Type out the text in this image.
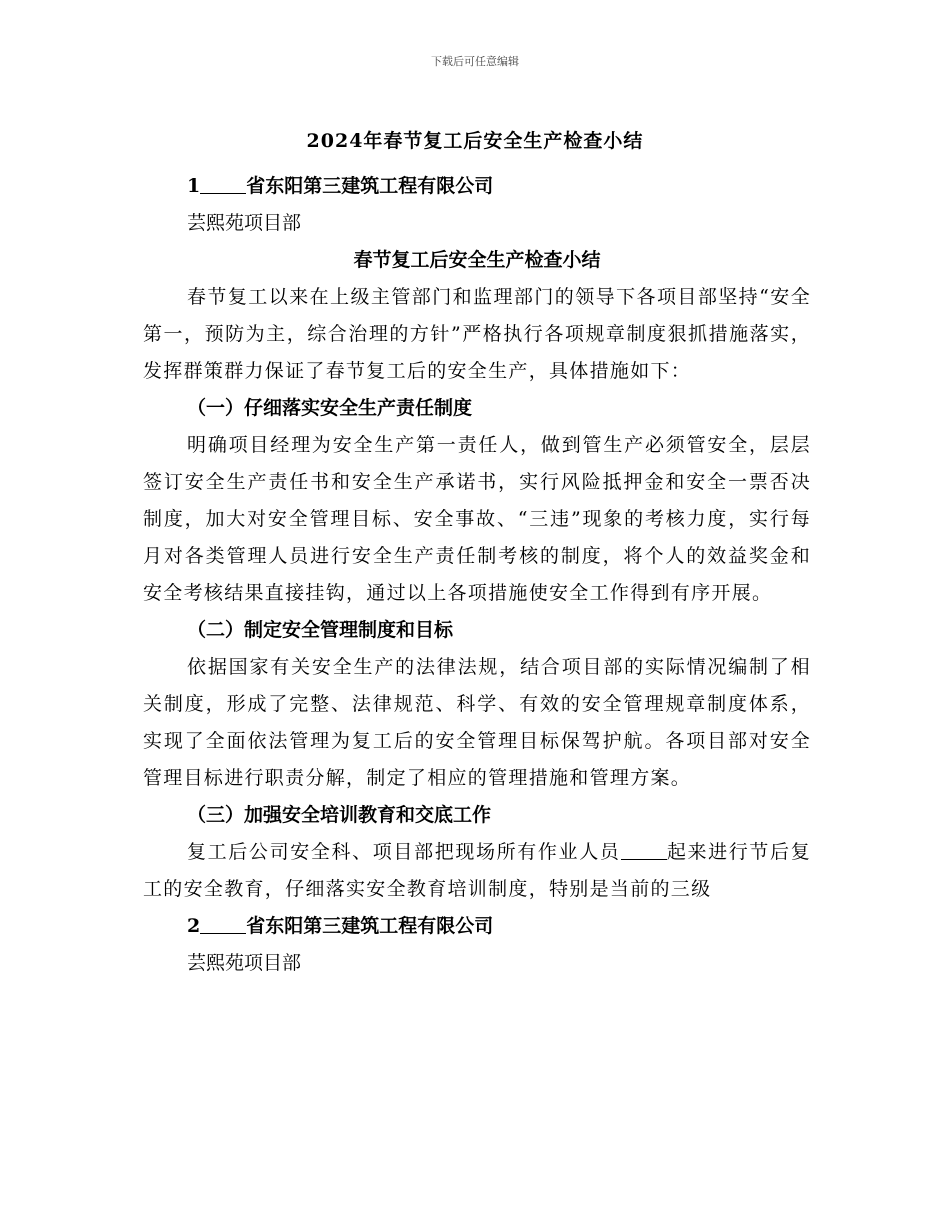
下载后可任意编辑
2024年春节复工后安全生产检查小结
1 省东阳第三建筑工程有限公司
芸熙苑项目部
春节复工后安全生产检查小结
春节复工以来在上级主管部门和监理部门的领导下各项目部坚持“安全第一，预防为主，综合治理的方针”严格执行各项规章制度狠抓措施落实，发挥群策群力保证了春节复工后的安全生产，具体措施如下：
（一）仔细落实安全生产责任制度
明确项目经理为安全生产第一责任人，做到管生产必须管安全，层层签订安全生产责任书和安全生产承诺书，实行风险抵押金和安全一票否决制度，加大对安全管理目标、安全事故、“三违”现象的考核力度，实行每月对各类管理人员进行安全生产责任制考核的制度，将个人的效益奖金和安全考核结果直接挂钩，通过以上各项措施使安全工作得到有序开展。
（二）制定安全管理制度和目标
依据国家有关安全生产的法律法规，结合项目部的实际情况编制了相关制度，形成了完整、法律规范、科学、有效的安全管理规章制度体系，实现了全面依法管理为复工后的安全管理目标保驾护航。各项目部对安全管理目标进行职责分解，制定了相应的管理措施和管理方案。
（三）加强安全培训教育和交底工作
复工后公司安全科、项目部把现场所有作业人员 起来进行节后复工的安全教育，仔细落实安全教育培训制度，特别是当前的三级
2 省东阳第三建筑工程有限公司
芸熙苑项目部
